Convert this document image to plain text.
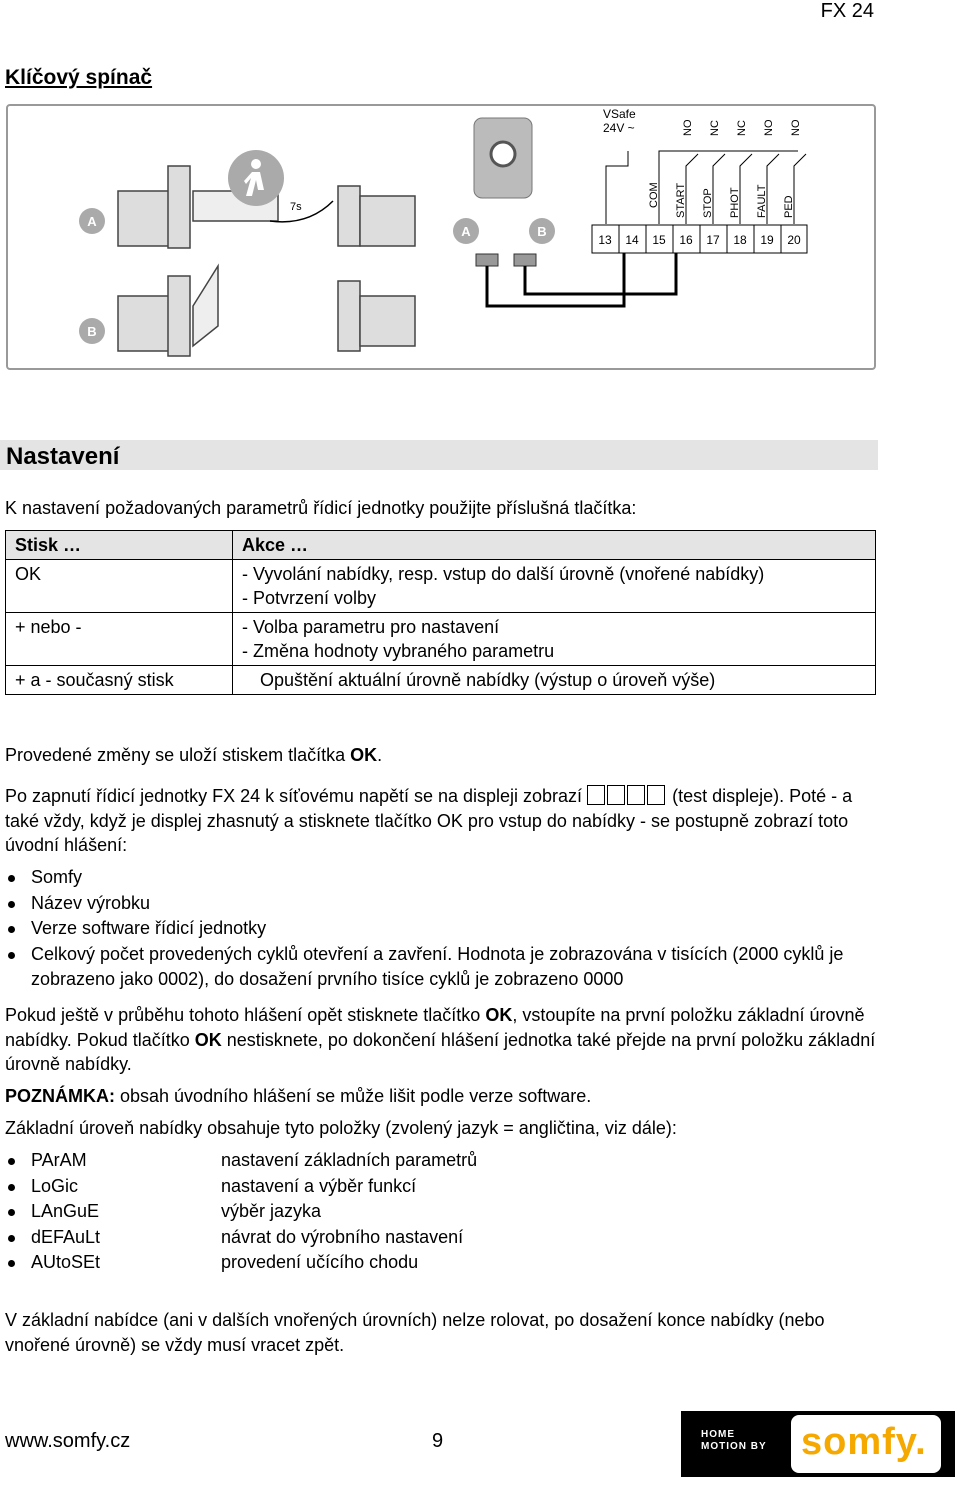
FX 24
Klíčový spínač
7s
A
B
A	B
13 14 15 16 17 18 19 20
COM START STOP PHOT FAULT PED
NO NC NC NO NO
VSafe
24V ~
Nastavení
K nastavení požadovaných parametrů řídicí jednotky použijte příslušná tlačítka:
Stisk …	Akce …
OK	- Vyvolání nabídky, resp. vstup do další úrovně (vnořené nabídky)
- Potvrzení volby

+ nebo -	- Volba parametru pro nastavení
- Změna hodnoty vybraného parametru

+ a - současný stisk	Opuštění aktuální úrovně nabídky (výstup o úroveň výše)
Provedené změny se uloží stiskem tlačítka OK.
Po zapnutí řídicí jednotky FX 24 k síťovému napětí se na displeji zobrazí	(test displeje). Poté - a také vždy, když je displej zhasnutý a stisknete tlačítko OK pro vstup do nabídky - se postupně zobrazí toto úvodní hlášení:
Somfy
Název výrobku
Verze software řídicí jednotky
Celkový počet provedených cyklů otevření a zavření. Hodnota je zobrazována v tisících (2000 cyklů je zobrazeno jako 0002), do dosažení prvního tisíce cyklů je zobrazeno 0000
Pokud ještě v průběhu tohoto hlášení opět stisknete tlačítko OK, vstoupíte na první položku základní úrovně nabídky. Pokud tlačítko OK nestisknete, po dokončení hlášení jednotka také přejde na první položku základní úrovně nabídky.
POZNÁMKA: obsah úvodního hlášení se může lišit podle verze software.
Základní úroveň nabídky obsahuje tyto položky (zvolený jazyk = angličtina, viz dále):
PArAM	nastavení základních parametrů
LoGic	nastavení a výběr funkcí
LAnGuE	výběr jazyka
dEFAuLt	návrat do výrobního nastavení
AUtoSEt	provedení učícího chodu
V základní nabídce (ani v dalších vnořených úrovních) nelze rolovat, po dosažení konce nabídky (nebo vnořené úrovně) se vždy musí vracet zpět.
www.somfy.cz	9	HOME
MOTION BY somfy.
